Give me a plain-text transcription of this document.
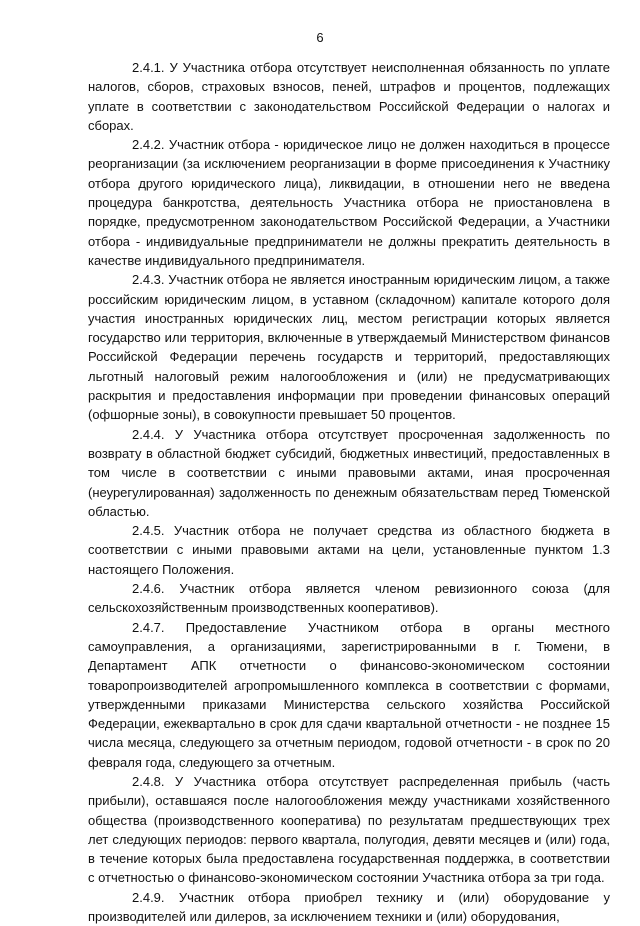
6

2.4.1. У Участника отбора отсутствует неисполненная обязанность по уплате налогов, сборов, страховых взносов, пеней, штрафов и процентов, подлежащих уплате в соответствии с законодательством Российской Федерации о налогах и сборах.

2.4.2. Участник отбора - юридическое лицо не должен находиться в процессе реорганизации (за исключением реорганизации в форме присоединения к Участнику отбора другого юридического лица), ликвидации, в отношении него не введена процедура банкротства, деятельность Участника отбора не приостановлена в порядке, предусмотренном законодательством Российской Федерации, а Участники отбора - индивидуальные предприниматели не должны прекратить деятельность в качестве индивидуального предпринимателя.

2.4.3. Участник отбора не является иностранным юридическим лицом, а также российским юридическим лицом, в уставном (складочном) капитале которого доля участия иностранных юридических лиц, местом регистрации которых является государство или территория, включенные в утверждаемый Министерством финансов Российской Федерации перечень государств и территорий, предоставляющих льготный налоговый режим налогообложения и (или) не предусматривающих раскрытия и предоставления информации при проведении финансовых операций (офшорные зоны), в совокупности превышает 50 процентов.

2.4.4. У Участника отбора отсутствует просроченная задолженность по возврату в областной бюджет субсидий, бюджетных инвестиций, предоставленных в том числе в соответствии с иными правовыми актами, иная просроченная (неурегулированная) задолженность по денежным обязательствам перед Тюменской областью.

2.4.5. Участник отбора не получает средства из областного бюджета в соответствии с иными правовыми актами на цели, установленные пунктом 1.3 настоящего Положения.

2.4.6. Участник отбора является членом ревизионного союза (для сельскохозяйственным производственных кооперативов).

2.4.7. Предоставление Участником отбора в органы местного самоуправления, а организациями, зарегистрированными в г. Тюмени, в Департамент АПК отчетности о финансово-экономическом состоянии товаропроизводителей агропромышленного комплекса в соответствии с формами, утвержденными приказами Министерства сельского хозяйства Российской Федерации, ежеквартально в срок для сдачи квартальной отчетности - не позднее 15 числа месяца, следующего за отчетным периодом, годовой отчетности - в срок по 20 февраля года, следующего за отчетным.

2.4.8. У Участника отбора отсутствует распределенная прибыль (часть прибыли), оставшаяся после налогообложения между участниками хозяйственного общества (производственного кооператива) по результатам предшествующих трех лет следующих периодов: первого квартала, полугодия, девяти месяцев и (или) года, в течение которых была предоставлена государственная поддержка, в соответствии с отчетностью о финансово-экономическом состоянии Участника отбора за три года.

2.4.9. Участник отбора приобрел технику и (или) оборудование у производителей или дилеров, за исключением техники и (или) оборудования,
